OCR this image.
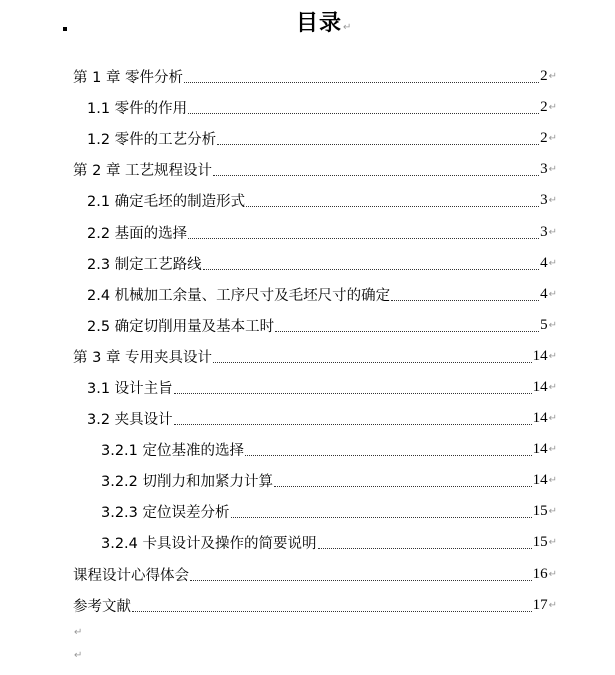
目录↵
第 1 章 零件分析	2 ↵
1.1 零件的作用	2 ↵
1.2 零件的工艺分析	2 ↵
第 2 章 工艺规程设计	3 ↵
2.1 确定毛坯的制造形式	3 ↵
2.2 基面的选择	3 ↵
2.3 制定工艺路线	4 ↵
2.4 机械加工余量、工序尺寸及毛坯尺寸的确定	4 ↵
2.5 确定切削用量及基本工时	5 ↵
第 3 章 专用夹具设计	14 ↵
3.1 设计主旨	14 ↵
3.2 夹具设计	14 ↵
3.2.1 定位基准的选择	14 ↵
3.2.2 切削力和加紧力计算	14 ↵
3.2.3 定位误差分析	15 ↵
3.2.4 卡具设计及操作的简要说明	15 ↵
课程设计心得体会	16 ↵
参考文献	17 ↵
↵
↵
